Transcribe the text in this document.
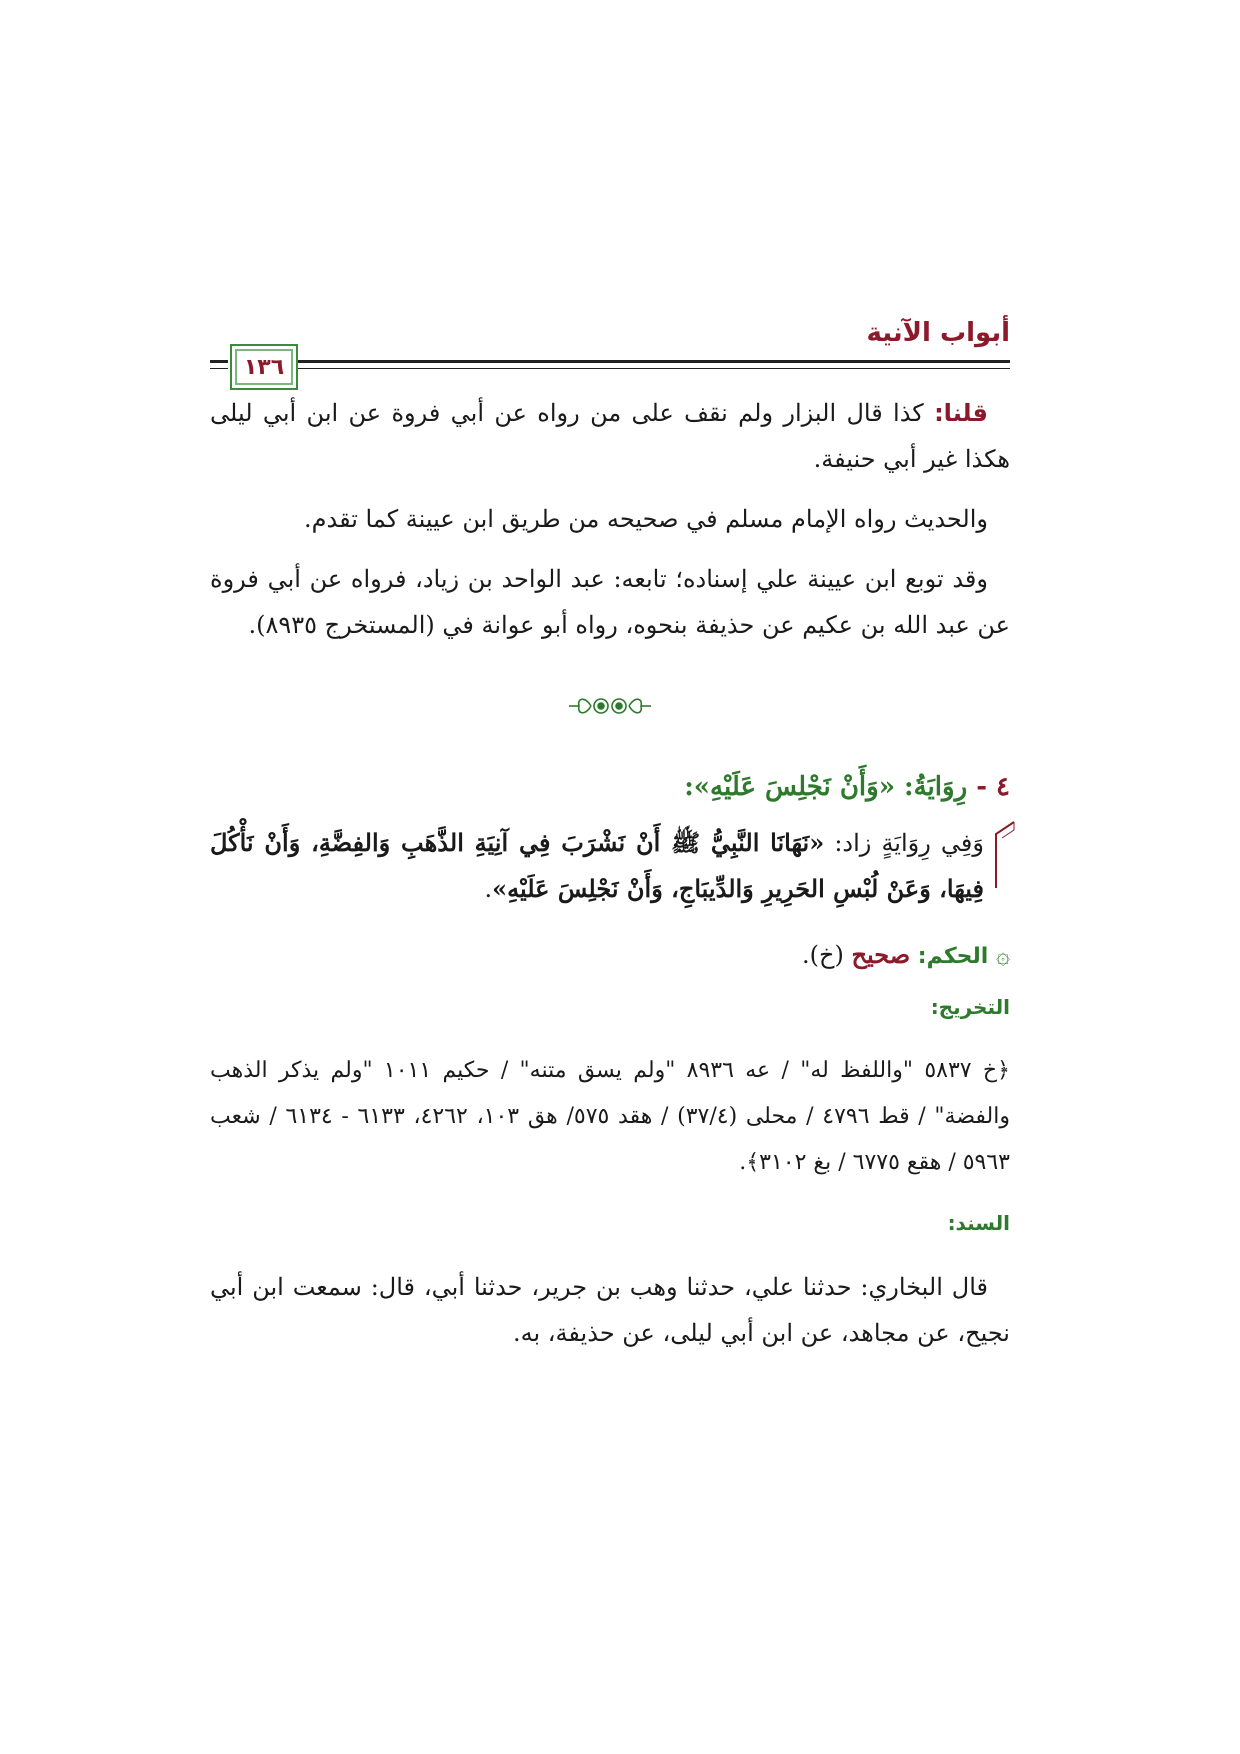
أبواب الآنية
١٣٦

قلنا: كذا قال البزار ولم نقف على من رواه عن أبي فروة عن ابن أبي ليلى هكذا غير أبي حنيفة.

والحديث رواه الإمام مسلم في صحيحه من طريق ابن عيينة كما تقدم.

وقد توبع ابن عيينة علي إسناده؛ تابعه: عبد الواحد بن زياد، فرواه عن أبي فروة عن عبد الله بن عكيم عن حذيفة بنحوه، رواه أبو عوانة في (المستخرج ٨٩٣٥).

٤ - رِوَايَةُ: «وَأَنْ نَجْلِسَ عَلَيْهِ»:

وَفِي رِوَايَةٍ زاد: «نَهَانَا النَّبِيُّ ﷺ أَنْ نَشْرَبَ فِي آنِيَةِ الذَّهَبِ وَالفِضَّةِ، وَأَنْ نَأْكُلَ فِيهَا، وَعَنْ لُبْسِ الحَرِيرِ وَالدِّيبَاجِ، وَأَنْ نَجْلِسَ عَلَيْهِ».

۞ الحكم: صحيح (خ).
التخريج:

﴿خ ٥٨٣٧ "واللفظ له" / عه ٨٩٣٦ "ولم يسق متنه" / حكيم ١٠١١ "ولم يذكر الذهب والفضة" / قط ٤٧٩٦ / محلى (٣٧/٤) / هقد ٥٧٥/ هق ١٠٣، ٤٢٦٢، ٦١٣٣ - ٦١٣٤ / شعب ٥٩٦٣ / هقع ٦٧٧٥ / بغ ٣١٠٢﴾.

السند:

قال البخاري: حدثنا علي، حدثنا وهب بن جرير، حدثنا أبي، قال: سمعت ابن أبي نجيح، عن مجاهد، عن ابن أبي ليلى، عن حذيفة، به.
